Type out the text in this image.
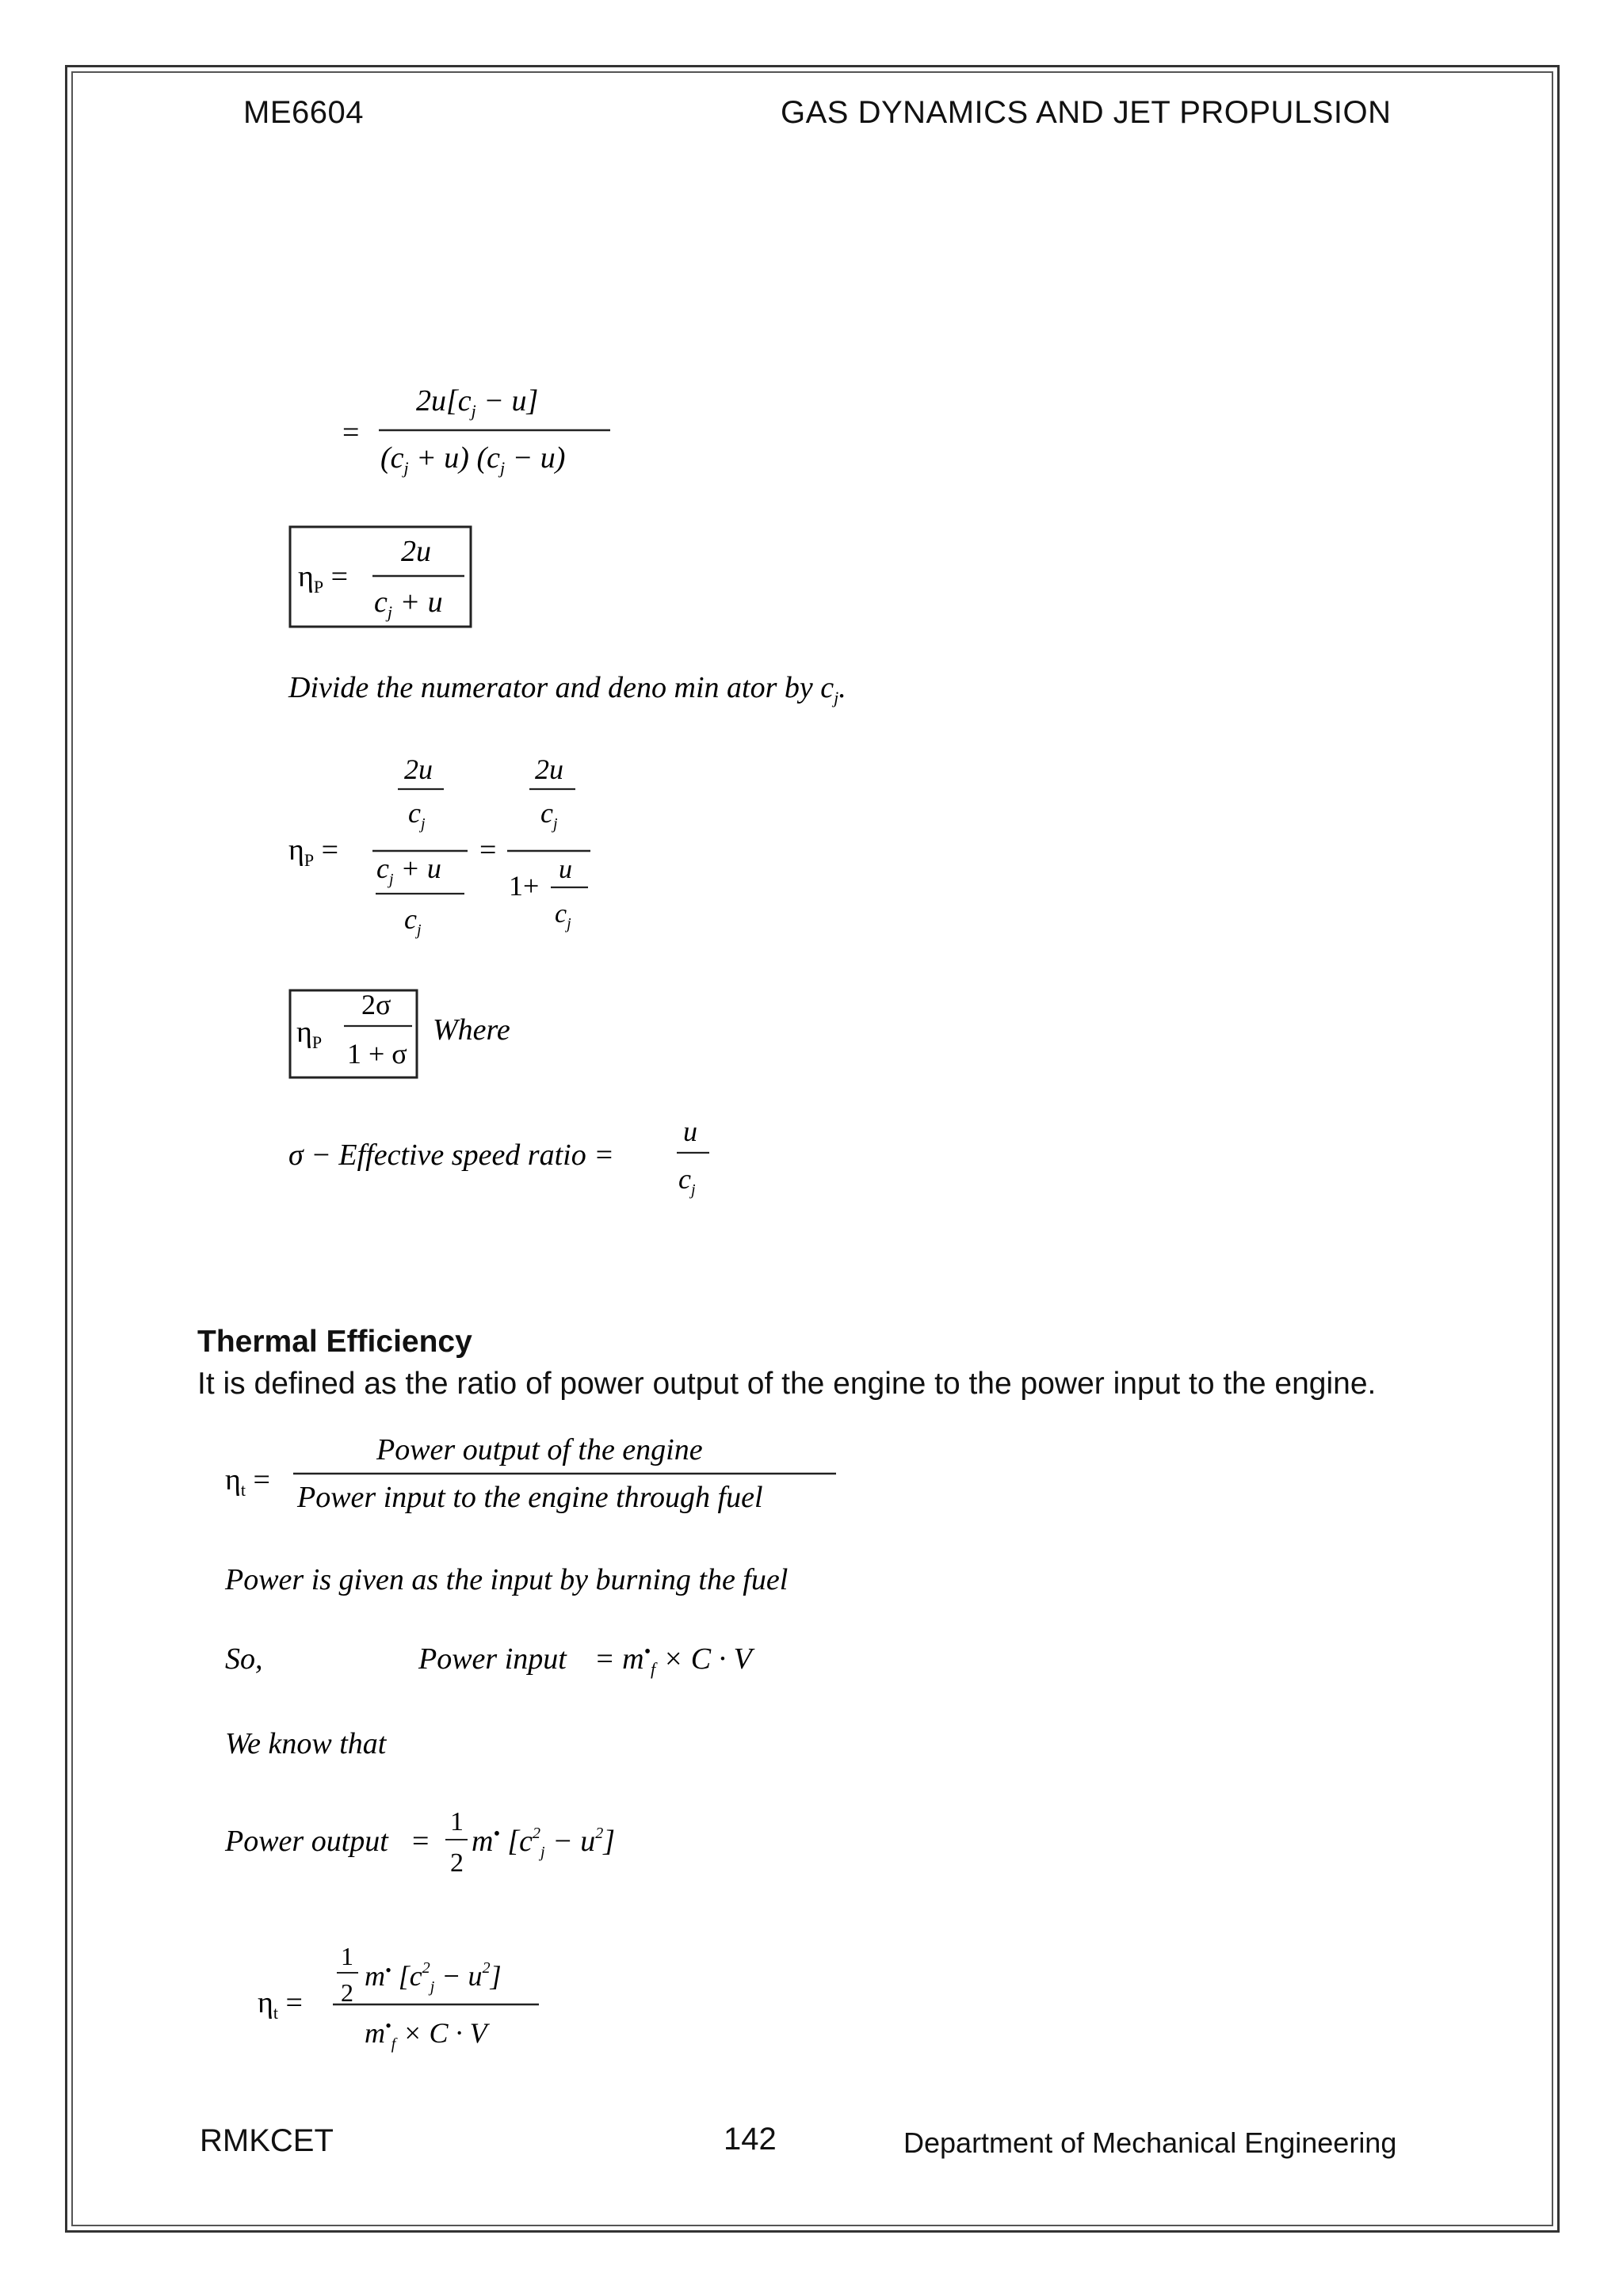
ME6604	GAS DYNAMICS AND JET PROPULSION
=
$2u[c_j - u]$
$(c_j + u) (c_j - u)$
$\eta_P$ =
2u
$c_j + u$
Divide the numerator and deno min ator by $c_j$.
$\eta_P$ =
2u
$c_j$
$c_j + u$
$c_j$
=
2u
$c_j$
1+
u
$c_j$
$\eta_P$
2σ
1 + σ
Where
σ − Effective speed ratio =
u
$c_j$
Thermal Efficiency
It is defined as the ratio of power output of the engine to the power input to the engine.
$\eta_t$ =
Power output of the engine
Power input to the engine through fuel
Power is given as the input by burning the fuel
So,	Power input = $m^•_f \times C \cdot V$
We know that
Power output =
1
2
m• $[c^2_j - u^2]$
$\eta_t$ =
1
2
m• $[c^2_j - u^2]$
$m^•_f \times C \cdot V$
RMKCET	142	Department of Mechanical Engineering
